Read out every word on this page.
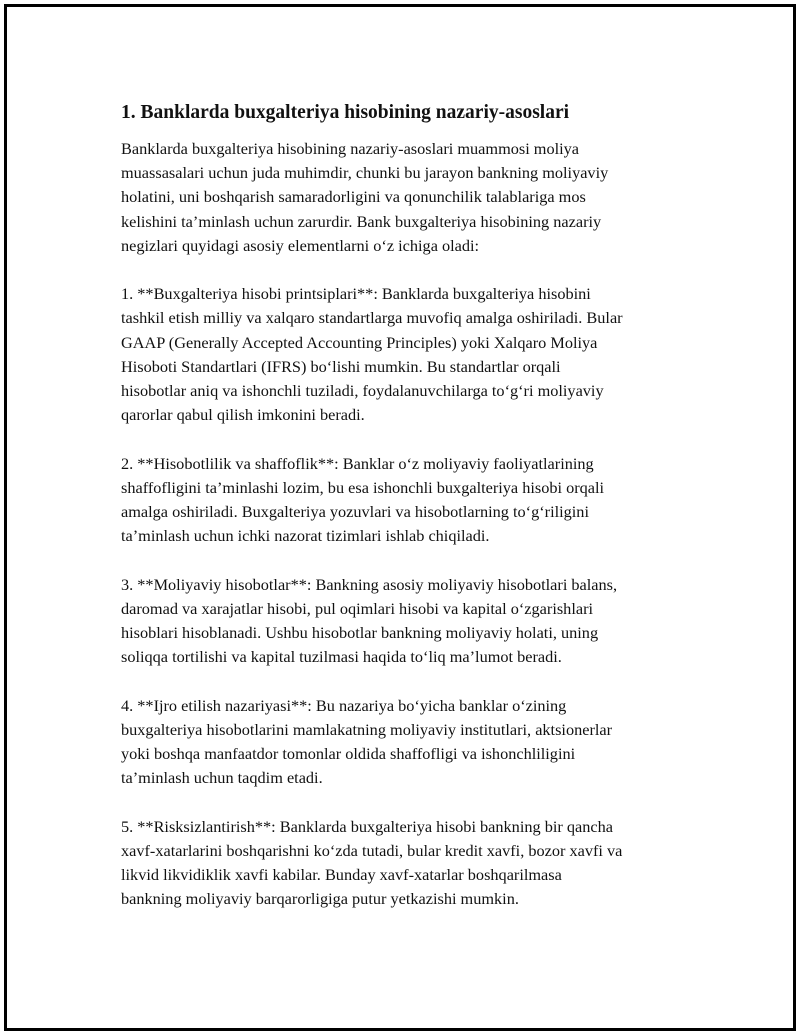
1. Banklarda buxgalteriya hisobining nazariy-asoslari

Banklarda buxgalteriya hisobining nazariy-asoslari muammosi moliya
muassasalari uchun juda muhimdir, chunki bu jarayon bankning moliyaviy
holatini, uni boshqarish samaradorligini va qonunchilik talablariga mos
kelishini taʼminlash uchun zarurdir. Bank buxgalteriya hisobining nazariy
negizlari quyidagi asosiy elementlarni oʻz ichiga oladi:

1. **Buxgalteriya hisobi printsiplari**: Banklarda buxgalteriya hisobini
tashkil etish milliy va xalqaro standartlarga muvofiq amalga oshiriladi. Bular
GAAP (Generally Accepted Accounting Principles) yoki Xalqaro Moliya
Hisoboti Standartlari (IFRS) boʻlishi mumkin. Bu standartlar orqali
hisobotlar aniq va ishonchli tuziladi, foydalanuvchilarga toʻgʻri moliyaviy
qarorlar qabul qilish imkonini beradi.

2. **Hisobotlilik va shaffoflik**: Banklar oʻz moliyaviy faoliyatlarining
shaffofligini taʼminlashi lozim, bu esa ishonchli buxgalteriya hisobi orqali
amalga oshiriladi. Buxgalteriya yozuvlari va hisobotlarning toʻgʻriligini
taʼminlash uchun ichki nazorat tizimlari ishlab chiqiladi.

3. **Moliyaviy hisobotlar**: Bankning asosiy moliyaviy hisobotlari balans,
daromad va xarajatlar hisobi, pul oqimlari hisobi va kapital oʻzgarishlari
hisoblari hisoblanadi. Ushbu hisobotlar bankning moliyaviy holati, uning
soliqqa tortilishi va kapital tuzilmasi haqida toʻliq maʼlumot beradi.

4. **Ijro etilish nazariyasi**: Bu nazariya boʻyicha banklar oʻzining
buxgalteriya hisobotlarini mamlakatning moliyaviy institutlari, aktsionerlar
yoki boshqa manfaatdor tomonlar oldida shaffofligi va ishonchliligini
taʼminlash uchun taqdim etadi.

5. **Risksizlantirish**: Banklarda buxgalteriya hisobi bankning bir qancha
xavf-xatarlarini boshqarishni koʻzda tutadi, bular kredit xavfi, bozor xavfi va
likvid likvidiklik xavfi kabilar. Bunday xavf-xatarlar boshqarilmasa
bankning moliyaviy barqarorligiga putur yetkazishi mumkin.
